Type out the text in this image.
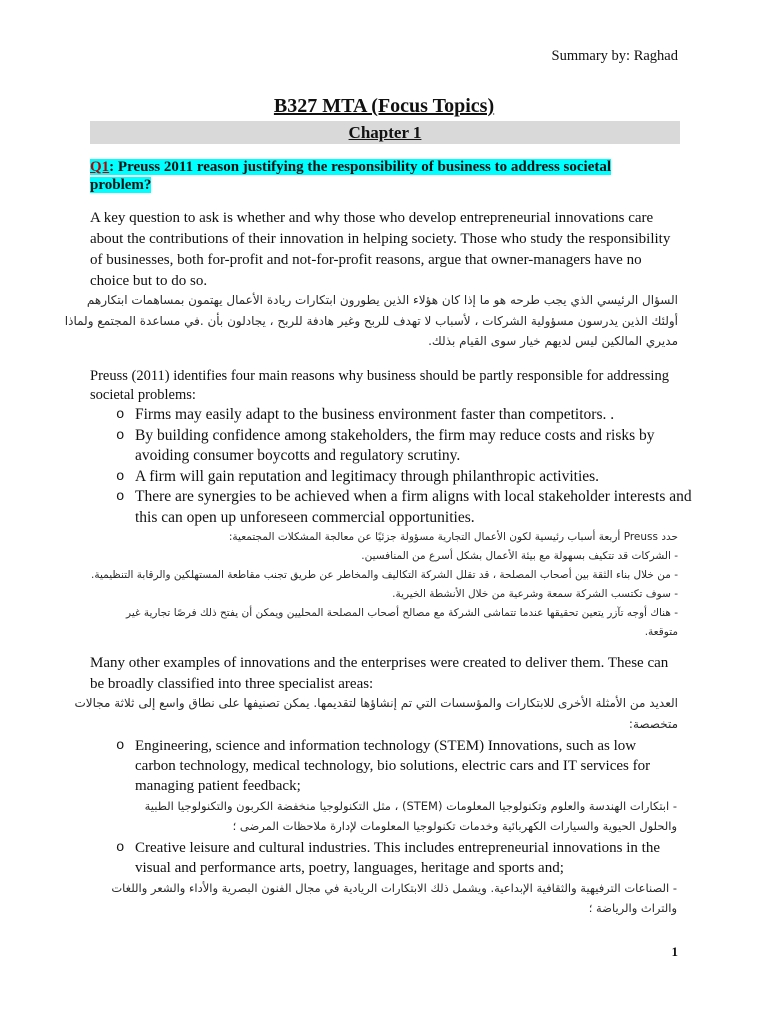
Summary by: Raghad
B327 MTA (Focus Topics)
Chapter 1
Q1: Preuss 2011 reason justifying the responsibility of business to address societal
problem?
A key question to ask is whether and why those who develop entrepreneurial innovations care
about the contributions of their innovation in helping society. Those who study the responsibility
of businesses, both for-profit and not-for-profit reasons, argue that owner-managers have no
choice but to do so.
السؤال الرئيسي الذي يجب طرحه هو ما إذا كان هؤلاء الذين يطورون ابتكارات ريادة الأعمال يهتمون بمساهمات ابتكارهم
أولئك الذين يدرسون مسؤولية الشركات ، لأسباب لا تهدف للربح وغير هادفة للربح ، يجادلون بأن .في مساعدة المجتمع ولماذا
مديري المالكين ليس لديهم خيار سوى القيام بذلك.
Preuss (2011) identifies four main reasons why business should be partly responsible for addressing
societal problems:
o Firms may easily adapt to the business environment faster than competitors. .
o By building confidence among stakeholders, the firm may reduce costs and risks by
avoiding consumer boycotts and regulatory scrutiny.
o A firm will gain reputation and legitimacy through philanthropic activities.
o There are synergies to be achieved when a firm aligns with local stakeholder interests and
this can open up unforeseen commercial opportunities.
حدد Preuss أربعة أسباب رئيسية لكون الأعمال التجارية مسؤولة جزئيًا عن معالجة المشكلات المجتمعية:
- الشركات قد تتكيف بسهولة مع بيئة الأعمال بشكل أسرع من المنافسين.
- من خلال بناء الثقة بين أصحاب المصلحة ، قد تقلل الشركة التكاليف والمخاطر عن طريق تجنب مقاطعة المستهلكين والرقابة التنظيمية.
- سوف تكتسب الشركة سمعة وشرعية من خلال الأنشطة الخيرية.
- هناك أوجه تآزر يتعين تحقيقها عندما تتماشى الشركة مع مصالح أصحاب المصلحة المحليين ويمكن أن يفتح ذلك فرصًا تجارية غير
متوقعة.
Many other examples of innovations and the enterprises were created to deliver them. These can
be broadly classified into three specialist areas:
العديد من الأمثلة الأخرى للابتكارات والمؤسسات التي تم إنشاؤها لتقديمها. يمكن تصنيفها على نطاق واسع إلى ثلاثة مجالات
متخصصة:
o Engineering, science and information technology (STEM) Innovations, such as low
carbon technology, medical technology, bio solutions, electric cars and IT services for
managing patient feedback;
- ابتكارات الهندسة والعلوم وتكنولوجيا المعلومات (STEM) ، مثل التكنولوجيا منخفضة الكربون والتكنولوجيا الطبية
والحلول الحيوية والسيارات الكهربائية وخدمات تكنولوجيا المعلومات لإدارة ملاحظات المرضى ؛
o Creative leisure and cultural industries. This includes entrepreneurial innovations in the
visual and performance arts, poetry, languages, heritage and sports and;
- الصناعات الترفيهية والثقافية الإبداعية. ويشمل ذلك الابتكارات الريادية في مجال الفنون البصرية والأداء والشعر واللغات
والتراث والرياضة ؛
1
